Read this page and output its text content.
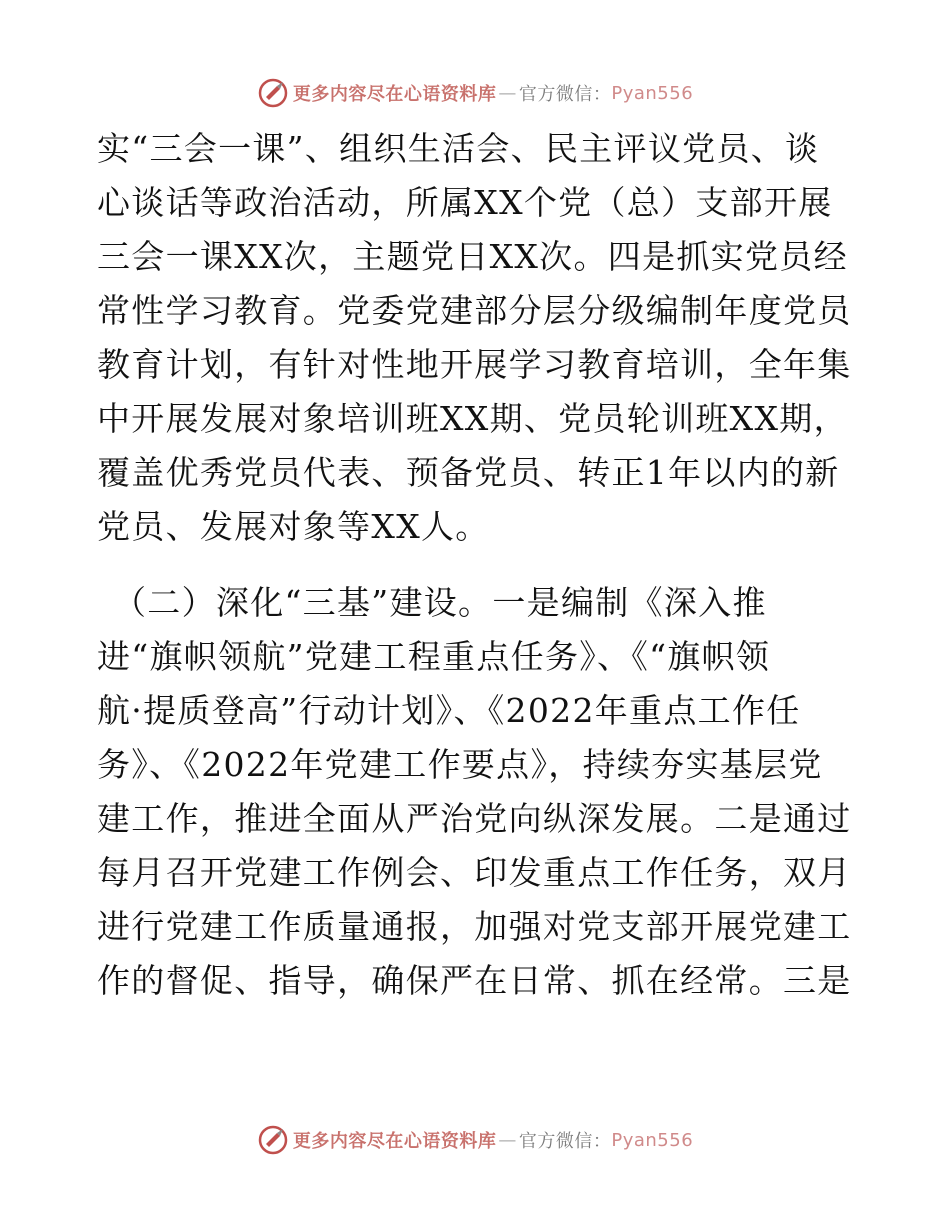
更多内容尽在心语资料库 — 官方微信： Pyan556
实“三会一课”、组织生活会、民主评议党员、谈
心谈话等政治活动，所属XX个党（总）支部开展
三会一课XX次，主题党日XX次。四是抓实党员经
常性学习教育。党委党建部分层分级编制年度党员
教育计划，有针对性地开展学习教育培训，全年集
中开展发展对象培训班XX期、党员轮训班XX期，
覆盖优秀党员代表、预备党员、转正1年以内的新
党员、发展对象等XX人。
（二）深化“三基”建设。一是编制《深入推
进“旗帜领航”党建工程重点任务》、《“旗帜领
航·提质登高”行动计划》、《2022年重点工作任
务》、《2022年党建工作要点》，持续夯实基层党
建工作，推进全面从严治党向纵深发展。二是通过
每月召开党建工作例会、印发重点工作任务，双月
进行党建工作质量通报，加强对党支部开展党建工
作的督促、指导，确保严在日常、抓在经常。三是
更多内容尽在心语资料库 — 官方微信： Pyan556
